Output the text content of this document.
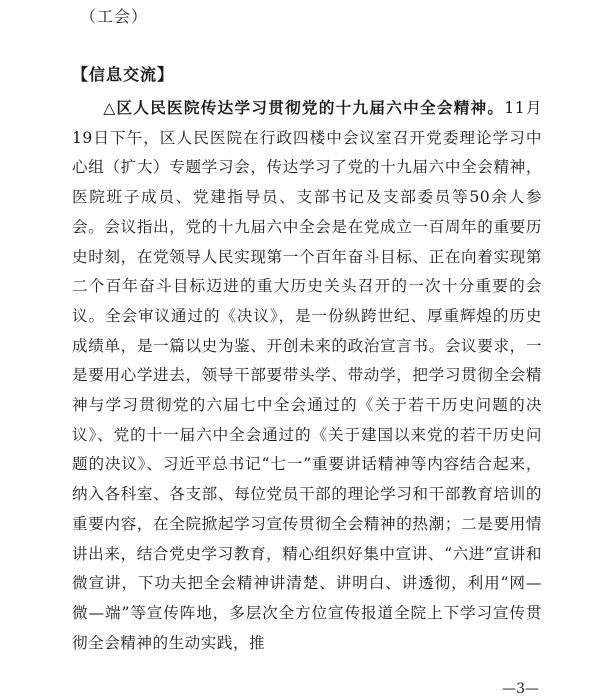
（工会）
【信息交流】
△区人民医院传达学习贯彻党的十九届六中全会精神。11月19日下午，区人民医院在行政四楼中会议室召开党委理论学习中心组（扩大）专题学习会，传达学习了党的十九届六中全会精神，医院班子成员、党建指导员、支部书记及支部委员等50余人参会。会议指出，党的十九届六中全会是在党成立一百周年的重要历史时刻，在党领导人民实现第一个百年奋斗目标、正在向着实现第二个百年奋斗目标迈进的重大历史关头召开的一次十分重要的会议。全会审议通过的《决议》，是一份纵跨世纪、厚重辉煌的历史成绩单，是一篇以史为鉴、开创未来的政治宣言书。会议要求，一是要用心学进去，领导干部要带头学、带动学，把学习贯彻全会精神与学习贯彻党的六届七中全会通过的《关于若干历史问题的决议》、党的十一届六中全会通过的《关于建国以来党的若干历史问题的决议》、习近平总书记“七一”重要讲话精神等内容结合起来，纳入各科室、各支部、每位党员干部的理论学习和干部教育培训的重要内容，在全院掀起学习宣传贯彻全会精神的热潮；二是要用情讲出来，结合党史学习教育，精心组织好集中宣讲、“六进”宣讲和微宣讲，下功夫把全会精神讲清楚、讲明白、讲透彻，利用“网—微—端”等宣传阵地，多层次全方位宣传报道全院上下学习宣传贯彻全会精神的生动实践，推
—3—
